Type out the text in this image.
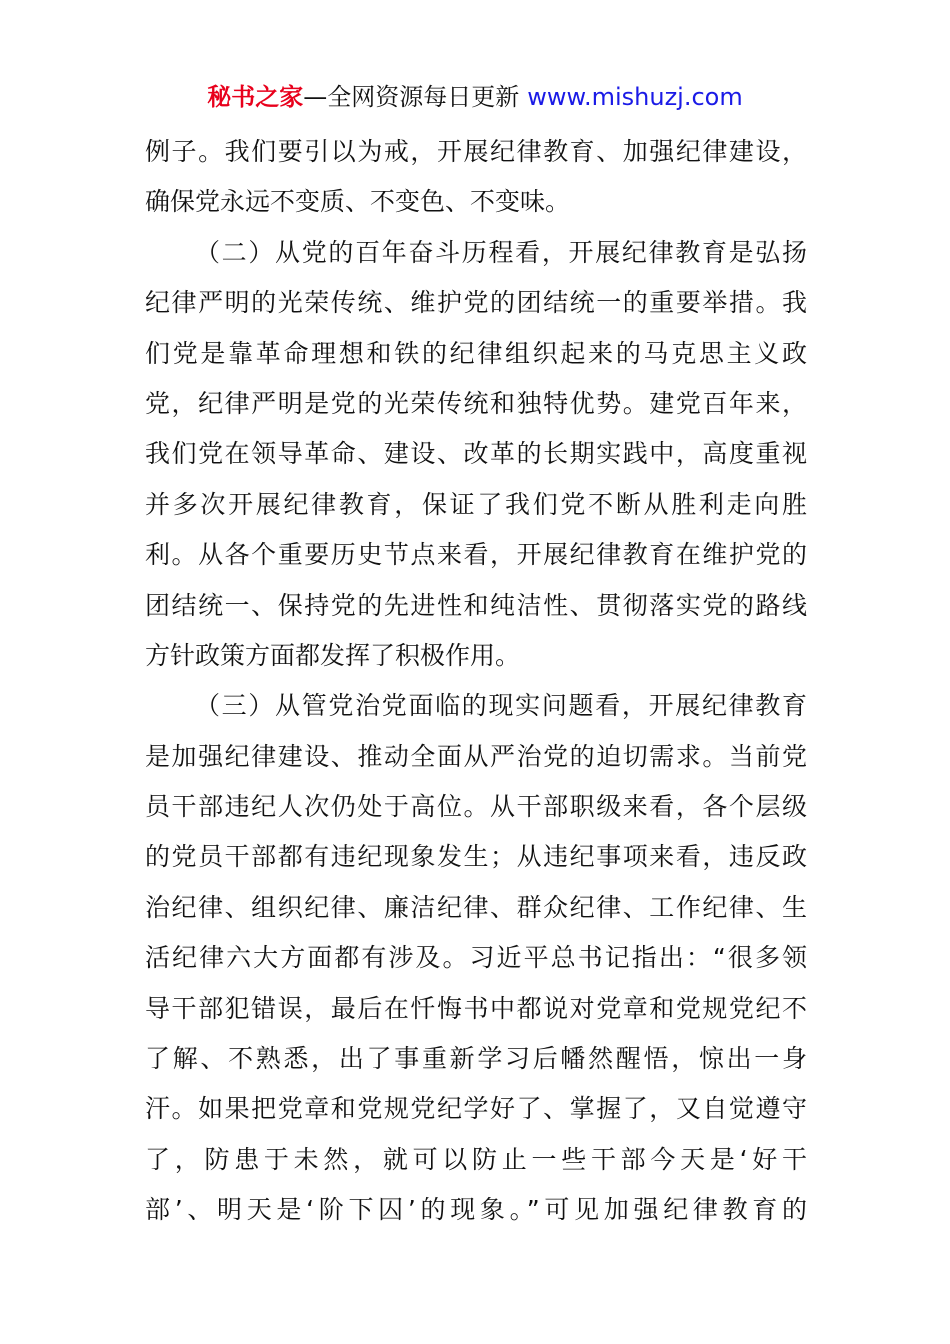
秘书之家—全网资源每日更新 www.mishuzj.com
例子。我们要引以为戒，开展纪律教育、加强纪律建设，
确保党永远不变质、不变色、不变味。
（二）从党的百年奋斗历程看，开展纪律教育是弘扬
纪律严明的光荣传统、维护党的团结统一的重要举措。我
们党是靠革命理想和铁的纪律组织起来的马克思主义政
党，纪律严明是党的光荣传统和独特优势。建党百年来，
我们党在领导革命、建设、改革的长期实践中，高度重视
并多次开展纪律教育，保证了我们党不断从胜利走向胜
利。从各个重要历史节点来看，开展纪律教育在维护党的
团结统一、保持党的先进性和纯洁性、贯彻落实党的路线
方针政策方面都发挥了积极作用。
（三）从管党治党面临的现实问题看，开展纪律教育
是加强纪律建设、推动全面从严治党的迫切需求。当前党
员干部违纪人次仍处于高位。从干部职级来看，各个层级
的党员干部都有违纪现象发生；从违纪事项来看，违反政
治纪律、组织纪律、廉洁纪律、群众纪律、工作纪律、生
活纪律六大方面都有涉及。习近平总书记指出：“很多领
导干部犯错误，最后在忏悔书中都说对党章和党规党纪不
了解、不熟悉，出了事重新学习后幡然醒悟，惊出一身
汗。如果把党章和党规党纪学好了、掌握了，又自觉遵守
了，防患于未然，就可以防止一些干部今天是‘好干
部’、明天是‘阶下囚’的现象。”可见加强纪律教育的
